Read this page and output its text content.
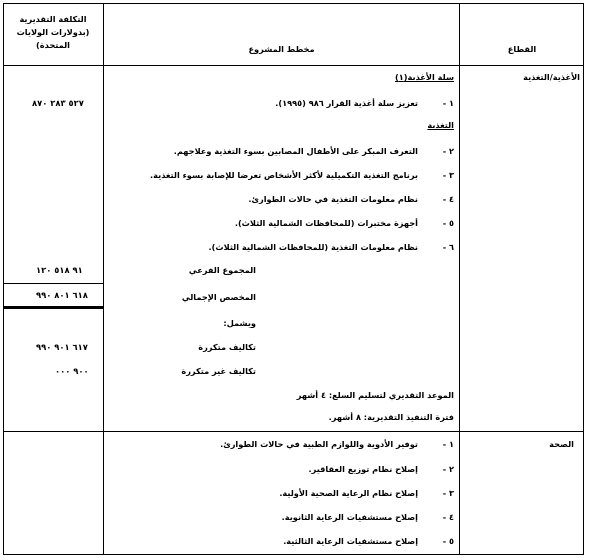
التكلفة التقديرية
(بدولارات الولايات
المتحدة)	مخطط المشروع	القطاع
الأغذية/التغذية
سلة الأغذية(١)
١ -
تعزيز سلة أغذية القرار ٩٨٦ (١٩٩٥).
٥٢٧ ٢٨٣ ٨٧٠
التغذية
٢ -
التعرف المبكر على الأطفال المصابين بسوء التغذية وعلاجهم.
٣ -
برنامج التغذية التكميلية لأكثر الأشخاص تعرضا للإصابة بسوء التغذية.
٤ -
نظام معلومات التغذية في حالات الطوارئ.
٥ -
أجهزة مختبرات (للمحافظات الشمالية الثلاث).
٦ -
نظام معلومات التغذية (للمحافظات الشمالية الثلاث).
المجموع الفرعي
٩١ ٥١٨ ١٢٠
المخصص الإجمالي
٦١٨ ٨٠١ ٩٩٠
ويشمل:
تكاليف متكررة
٦١٧ ٩٠١ ٩٩٠
تكاليف غير متكررة
٩٠٠ ٠٠٠
الموعد التقديري لتسليم السلع: ٤ أشهر
فترة التنفيذ التقديرية: ٨ أشهر.
الصحة
١ -
توفير الأدوية واللوازم الطبية في حالات الطوارئ.
٢ -
إصلاح نظام توزيع العقاقير.
٣ -
إصلاح نظام الرعاية الصحية الأولية.
٤ -
إصلاح مستشفيات الرعاية الثانوية.
٥ -
إصلاح مستشفيات الرعاية الثالثية.
